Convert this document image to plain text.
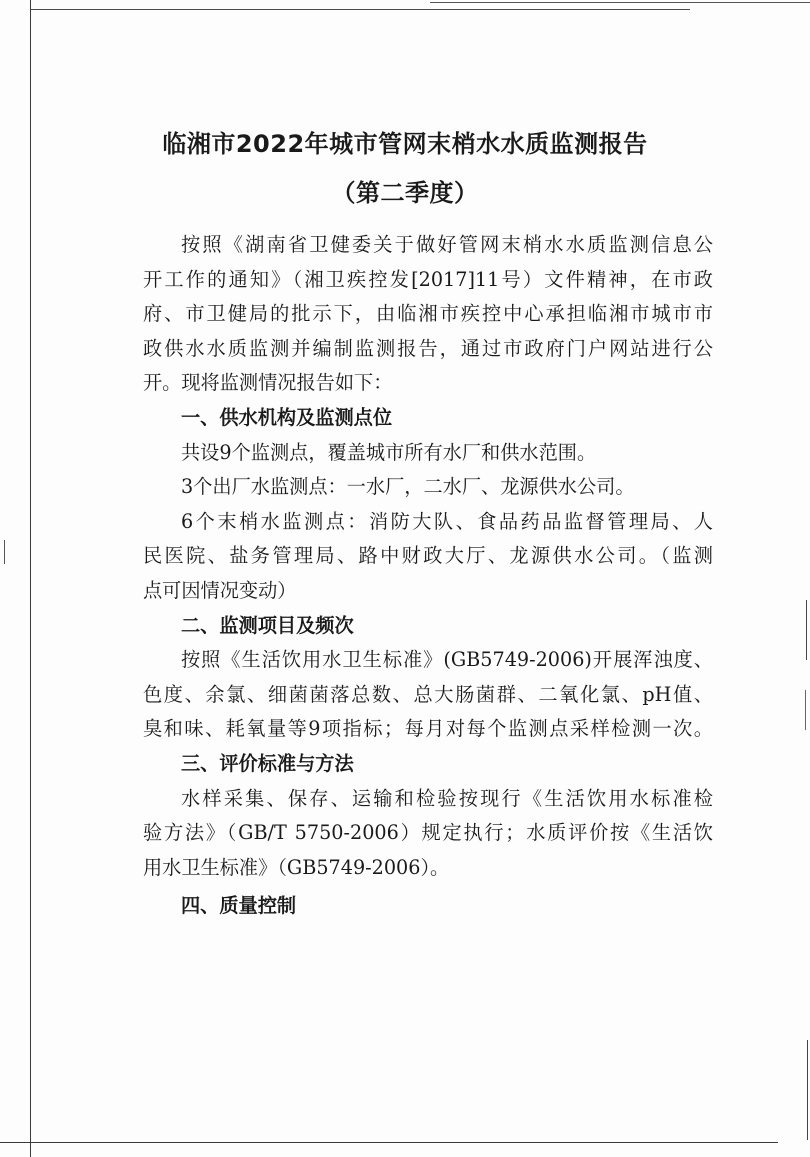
临湘市2022年城市管网末梢水水质监测报告
（第二季度）

按照《湖南省卫健委关于做好管网末梢水水质监测信息公
开工作的通知》（湘卫疾控发[2017]11号）文件精神，在市政
府、市卫健局的批示下，由临湘市疾控中心承担临湘市城市市
政供水水质监测并编制监测报告，通过市政府门户网站进行公
开。现将监测情况报告如下：

一、供水机构及监测点位

共设9个监测点，覆盖城市所有水厂和供水范围。

3个出厂水监测点：一水厂，二水厂、龙源供水公司。

6个末梢水监测点：消防大队、食品药品监督管理局、人
民医院、盐务管理局、路中财政大厅、龙源供水公司。（监测
点可因情况变动）

二、监测项目及频次

按照《生活饮用水卫生标准》(GB5749-2006)开展浑浊度、
色度、余氯、细菌菌落总数、总大肠菌群、二氧化氯、pH值、
臭和味、耗氧量等9项指标；每月对每个监测点采样检测一次。

三、评价标准与方法

水样采集、保存、运输和检验按现行《生活饮用水标准检
验方法》（GB/T 5750-2006）规定执行；水质评价按《生活饮
用水卫生标准》（GB5749-2006）。

四、质量控制
